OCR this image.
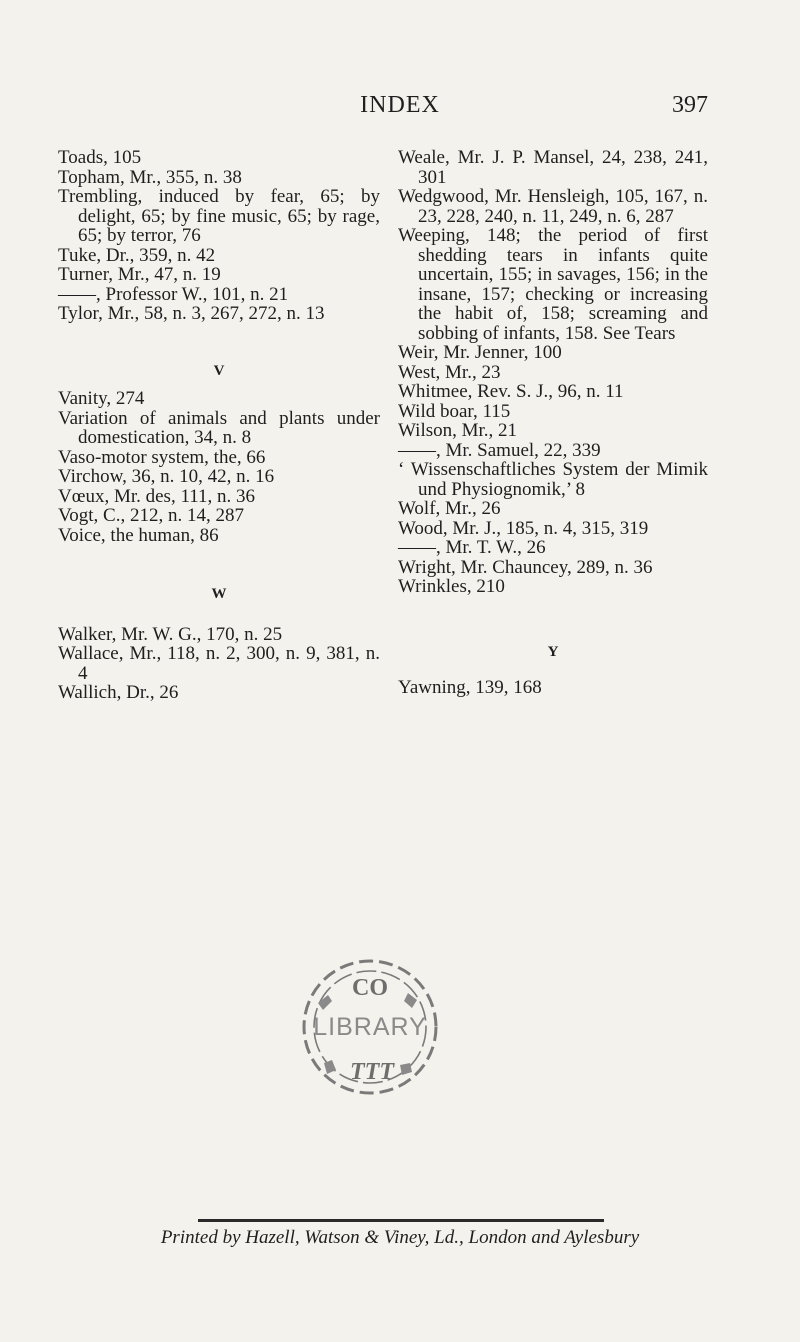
INDEX	397

Toads, 105

Topham, Mr., 355, n. 38

Trembling, induced by fear, 65; by delight, 65; by fine music, 65; by rage, 65; by terror, 76

Tuke, Dr., 359, n. 42

Turner, Mr., 47, n. 19

——, Professor W., 101, n. 21

Tylor, Mr., 58, n. 3, 267, 272, n. 13

V

Vanity, 274

Variation of animals and plants under domestication, 34, n. 8

Vaso-motor system, the, 66

Virchow, 36, n. 10, 42, n. 16

Vœux, Mr. des, 111, n. 36

Vogt, C., 212, n. 14, 287

Voice, the human, 86

W

Walker, Mr. W. G., 170, n. 25

Wallace, Mr., 118, n. 2, 300, n. 9, 381, n. 4

Wallich, Dr., 26

Weale, Mr. J. P. Mansel, 24, 238, 241, 301

Wedgwood, Mr. Hensleigh, 105, 167, n. 23, 228, 240, n. 11, 249, n. 6, 287

Weeping, 148; the period of first shedding tears in infants quite uncertain, 155; in savages, 156; in the insane, 157; checking or increasing the habit of, 158; screaming and sobbing of infants, 158. See Tears

Weir, Mr. Jenner, 100

West, Mr., 23

Whitmee, Rev. S. J., 96, n. 11

Wild boar, 115

Wilson, Mr., 21

——, Mr. Samuel, 22, 339

‘ Wissenschaftliches System der Mimik und Physiognomik,’ 8

Wolf, Mr., 26

Wood, Mr. J., 185, n. 4, 315, 319

——, Mr. T. W., 26

Wright, Mr. Chauncey, 289, n. 36

Wrinkles, 210

Y

Yawning, 139, 168

CO
LIBRARY
TTT
Printed by Hazell, Watson & Viney, Ld., London and Aylesbury
